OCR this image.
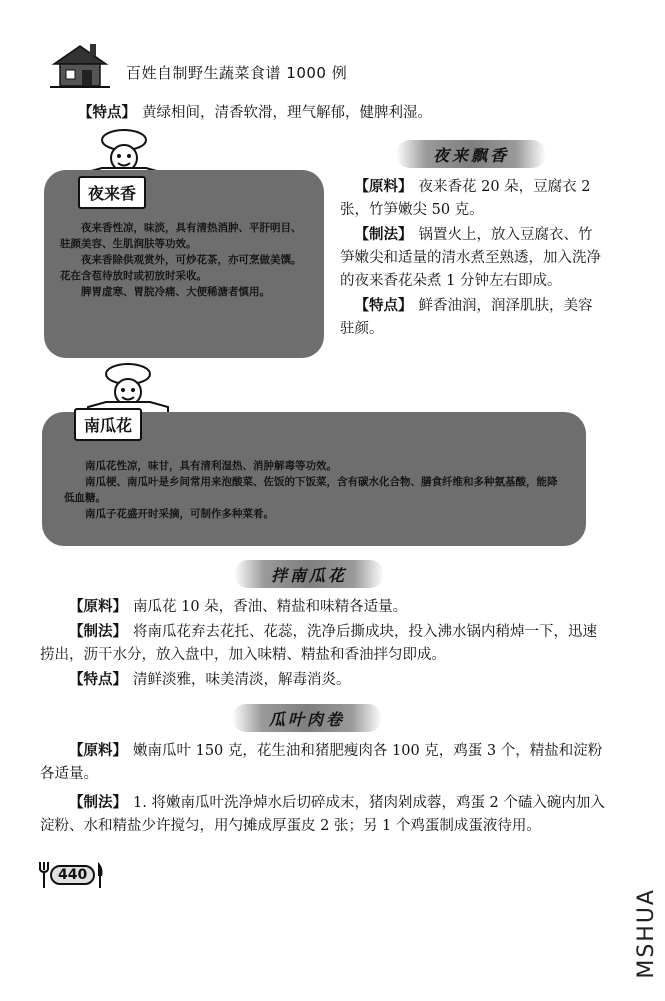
百姓自制野生蔬菜食谱 1000 例

【特点】 黄绿相间，清香软滑，理气解郁，健脾利湿。

夜来香性凉，味淡，具有清热消肿、平肝明目、驻颜美容、生肌润肤等功效。

夜来香除供观赏外，可炒花茶，亦可烹做美馔。花在含苞待放时或初放时采收。

脾胃虚寒、胃脘冷痛、大便稀溏者慎用。

夜来香
夜来飘香

【原料】 夜来香花 20 朵，豆腐衣 2 张，竹笋嫩尖 50 克。

【制法】 锅置火上，放入豆腐衣、竹笋嫩尖和适量的清水煮至熟透，加入洗净的夜来香花朵煮 1 分钟左右即成。

【特点】 鲜香油润，润泽肌肤，美容驻颜。

南瓜花性凉，味甘，具有清利湿热、消肿解毒等功效。

南瓜梗、南瓜叶是乡间常用来泡酸菜、佐饭的下饭菜，含有碳水化合物、膳食纤维和多种氨基酸，能降低血糖。

南瓜子花盛开时采摘，可制作多种菜肴。

南瓜花
拌南瓜花

【原料】 南瓜花 10 朵，香油、精盐和味精各适量。

【制法】 将南瓜花弃去花托、花蕊，洗净后撕成块，投入沸水锅内稍焯一下，迅速捞出，沥干水分，放入盘中，加入味精、精盐和香油拌匀即成。

【特点】 清鲜淡雅，味美清淡，解毒消炎。

瓜叶肉卷

【原料】 嫩南瓜叶 150 克，花生油和猪肥瘦肉各 100 克，鸡蛋 3 个，精盐和淀粉各适量。

【制法】 1. 将嫩南瓜叶洗净焯水后切碎成末，猪肉剁成蓉，鸡蛋 2 个磕入碗内加入淀粉、水和精盐少许搅匀，用勺摊成厚蛋皮 2 张；另 1 个鸡蛋制成蛋液待用。

440
MSHUA
